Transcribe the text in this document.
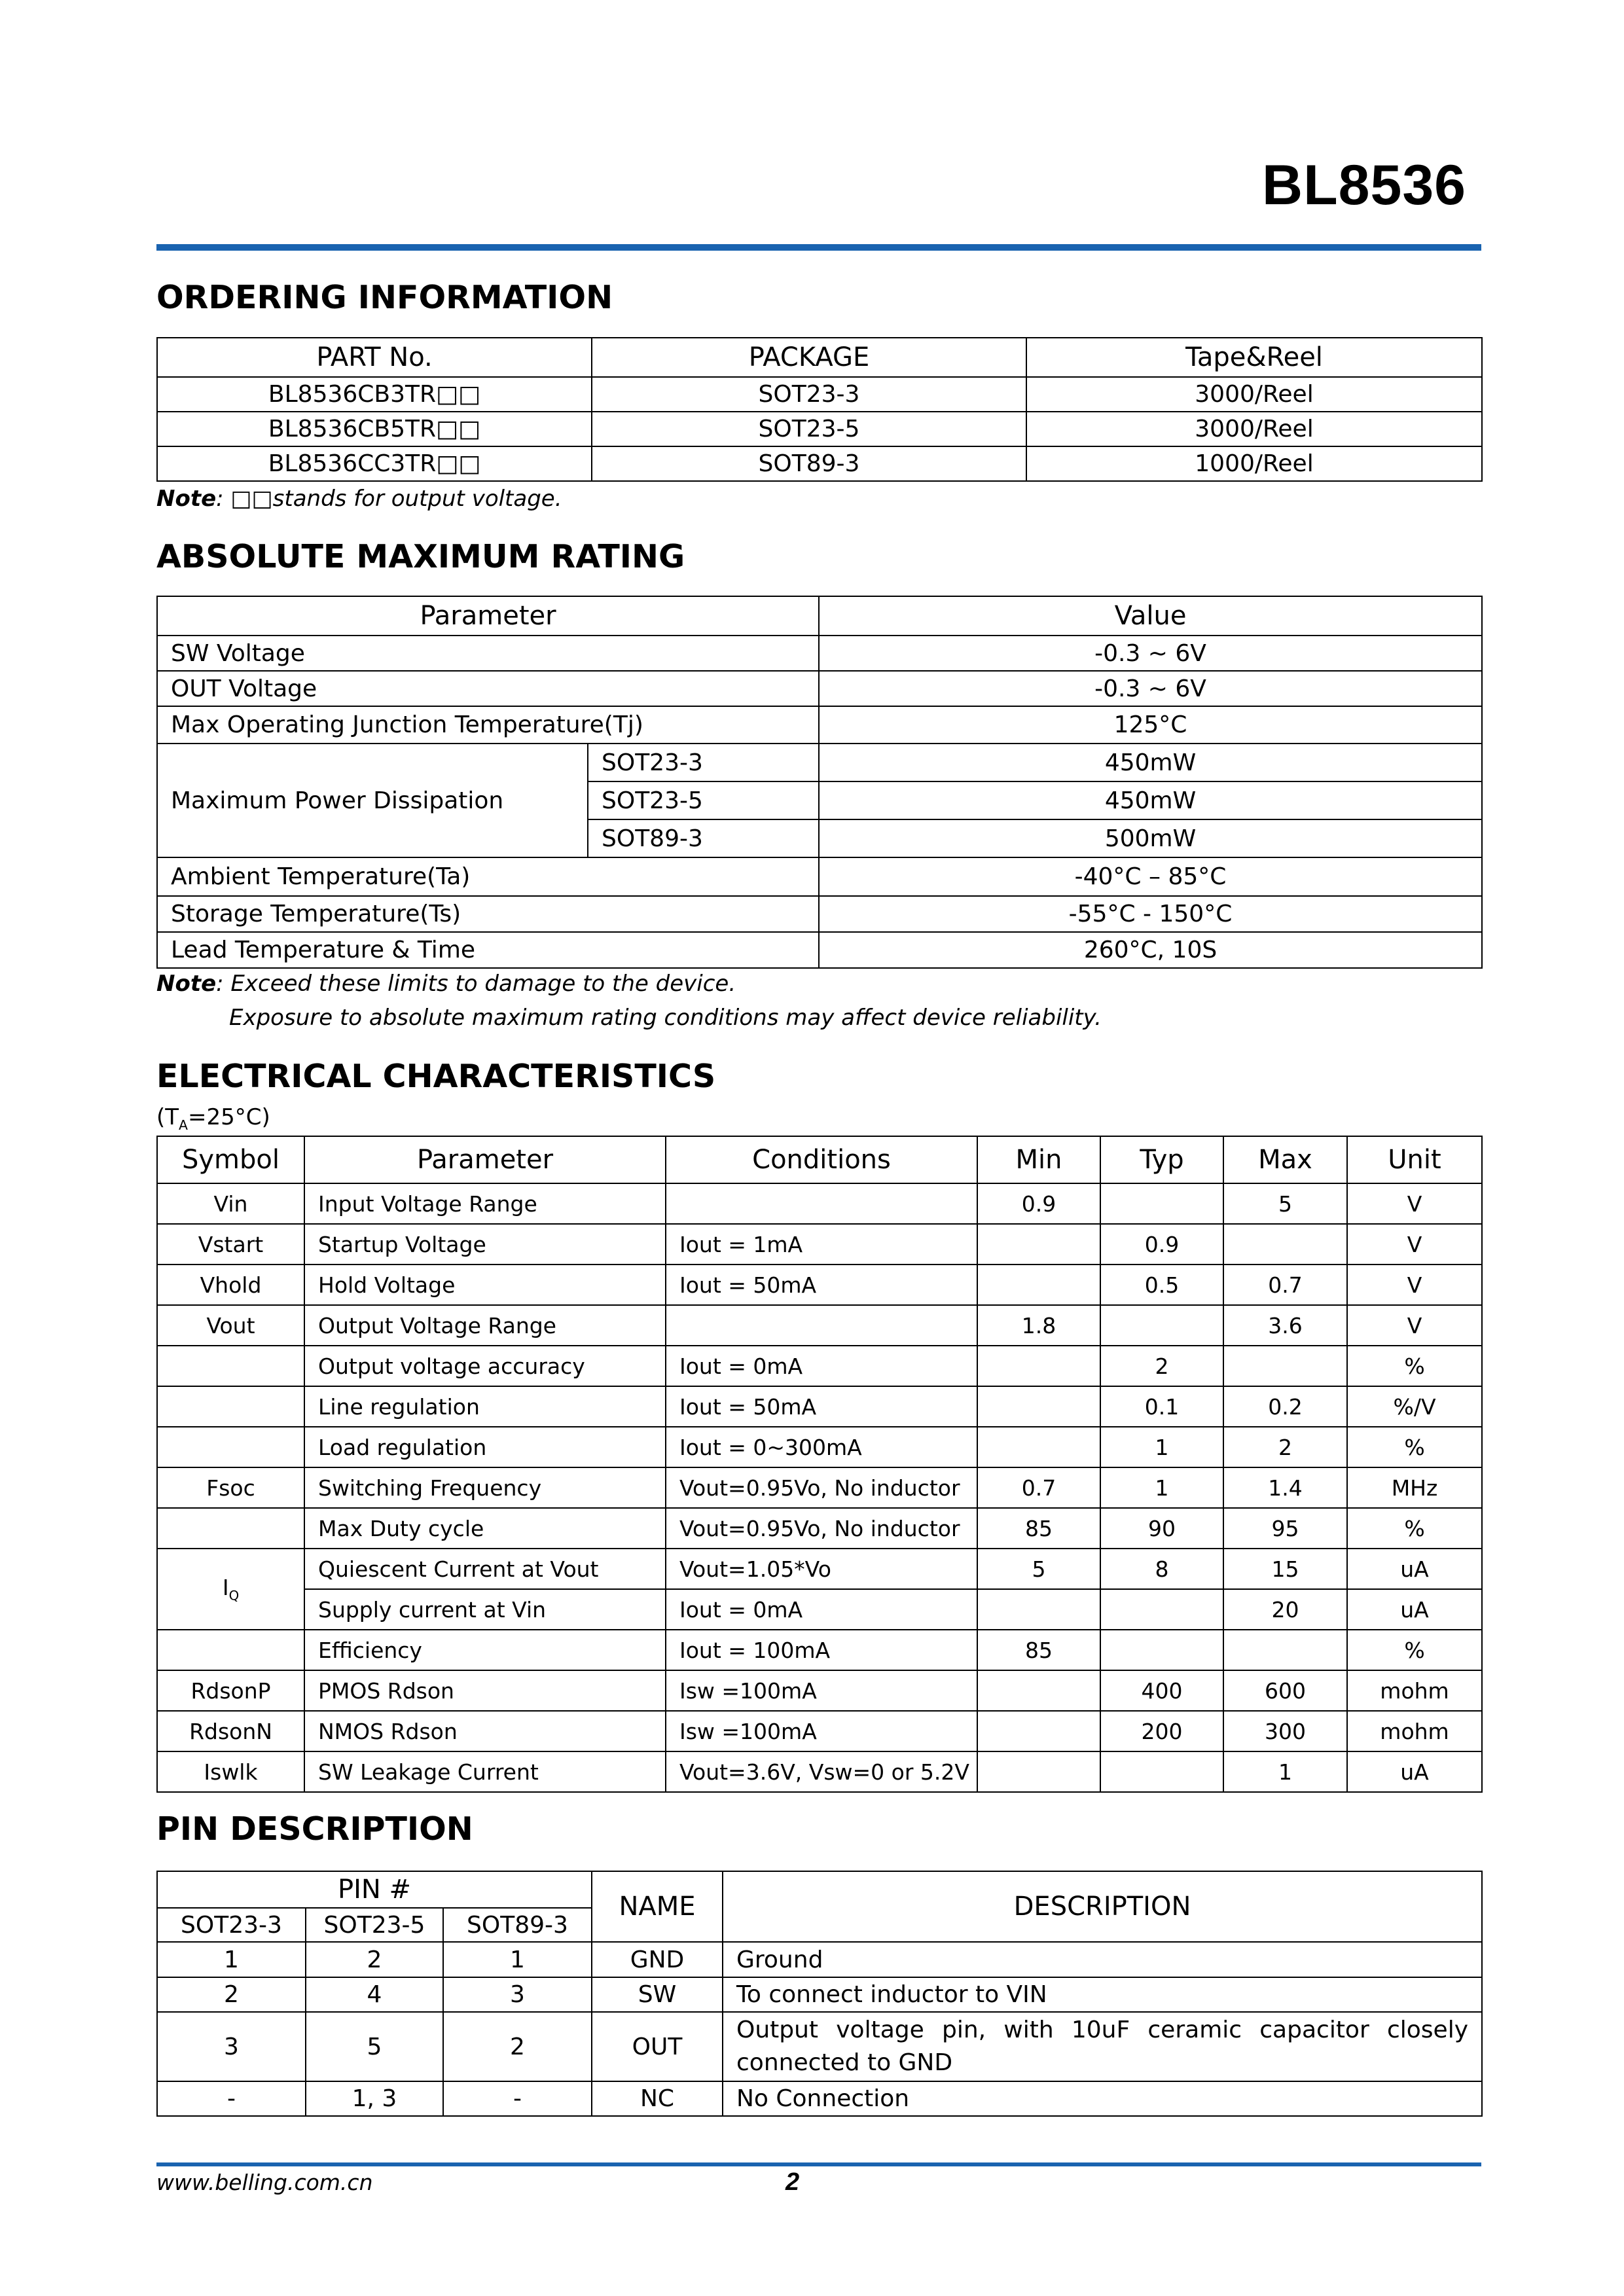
BL8536
ORDERING INFORMATION
PART No.	PACKAGE	Tape&Reel
BL8536CB3TR□□	SOT23-3	3000/Reel
BL8536CB5TR□□	SOT23-5	3000/Reel
BL8536CC3TR□□	SOT89-3	1000/Reel
Note: □□stands for output voltage.
ABSOLUTE MAXIMUM RATING
Parameter		Value
SW Voltage		-0.3 ~ 6V
OUT Voltage		-0.3 ~ 6V
Max Operating Junction Temperature(Tj)		125°C
Maximum Power Dissipation	SOT23-3	450mW
	SOT23-5	450mW
	SOT89-3	500mW
Ambient Temperature(Ta)		-40°C – 85°C
Storage Temperature(Ts)		-55°C - 150°C
Lead Temperature & Time		260°C, 10S
Note: Exceed these limits to damage to the device.
Exposure to absolute maximum rating conditions may affect device reliability.
ELECTRICAL CHARACTERISTICS
$(T_A=25^\circ C)$
Symbol	Parameter	Conditions	Min	Typ	Max	Unit
Vin	Input Voltage Range		0.9		5	V
Vstart	Startup Voltage	Iout = 1mA		0.9		V
Vhold	Hold Voltage	Iout = 50mA		0.5	0.7	V
Vout	Output Voltage Range		1.8		3.6	V
	Output voltage accuracy	Iout = 0mA		2		%
	Line regulation	Iout = 50mA		0.1	0.2	%/V
	Load regulation	Iout = 0~300mA		1	2	%
Fsoc	Switching Frequency	Vout=0.95Vo, No inductor	0.7	1	1.4	MHz
	Max Duty cycle	Vout=0.95Vo, No inductor	85	90	95	%
$I_Q$	Quiescent Current at Vout	Vout=1.05*Vo	5	8	15	uA
	Supply current at Vin	Iout = 0mA			20	uA
	Efficiency	Iout = 100mA	85			%
RdsonP	PMOS Rdson	Isw =100mA		400	600	mohm
RdsonN	NMOS Rdson	Isw =100mA		200	300	mohm
Iswlk	SW Leakage Current	Vout=3.6V, Vsw=0 or 5.2V			1	uA
PIN DESCRIPTION
PIN #			NAME	DESCRIPTION
SOT23-3	SOT23-5	SOT89-3		
1	2	1	GND	Ground
2	4	3	SW	To connect inductor to VIN
3	5	2	OUT	Output voltage pin, with 10uF ceramic capacitor closely connected to GND
-	1, 3	-	NC	No Connection
www.belling.com.cn	2
